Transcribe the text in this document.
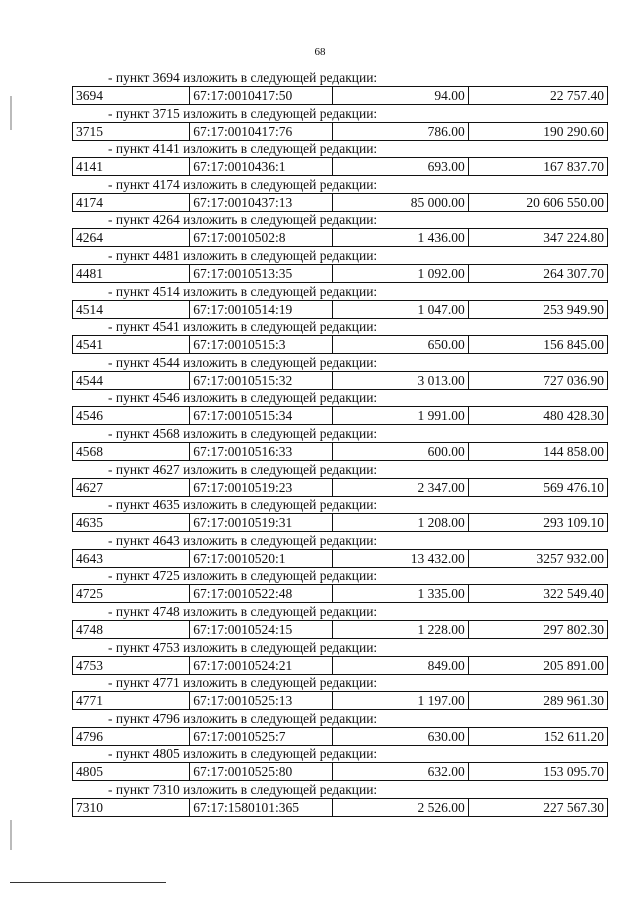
68
- пункт 3694 изложить в следующей редакции:
3694	67:17:0010417:50	94.00	22 757.40
- пункт 3715 изложить в следующей редакции:
3715	67:17:0010417:76	786.00	190 290.60
- пункт 4141 изложить в следующей редакции:
4141	67:17:0010436:1	693.00	167 837.70
- пункт 4174 изложить в следующей редакции:
4174	67:17:0010437:13	85 000.00	20 606 550.00
- пункт 4264 изложить в следующей редакции:
4264	67:17:0010502:8	1 436.00	347 224.80
- пункт 4481 изложить в следующей редакции:
4481	67:17:0010513:35	1 092.00	264 307.70
- пункт 4514 изложить в следующей редакции:
4514	67:17:0010514:19	1 047.00	253 949.90
- пункт 4541 изложить в следующей редакции:
4541	67:17:0010515:3	650.00	156 845.00
- пункт 4544 изложить в следующей редакции:
4544	67:17:0010515:32	3 013.00	727 036.90
- пункт 4546 изложить в следующей редакции:
4546	67:17:0010515:34	1 991.00	480 428.30
- пункт 4568 изложить в следующей редакции:
4568	67:17:0010516:33	600.00	144 858.00
- пункт 4627 изложить в следующей редакции:
4627	67:17:0010519:23	2 347.00	569 476.10
- пункт 4635 изложить в следующей редакции:
4635	67:17:0010519:31	1 208.00	293 109.10
- пункт 4643 изложить в следующей редакции:
4643	67:17:0010520:1	13 432.00	3257 932.00
- пункт 4725 изложить в следующей редакции:
4725	67:17:0010522:48	1 335.00	322 549.40
- пункт 4748 изложить в следующей редакции:
4748	67:17:0010524:15	1 228.00	297 802.30
- пункт 4753 изложить в следующей редакции:
4753	67:17:0010524:21	849.00	205 891.00
- пункт 4771 изложить в следующей редакции:
4771	67:17:0010525:13	1 197.00	289 961.30
- пункт 4796 изложить в следующей редакции:
4796	67:17:0010525:7	630.00	152 611.20
- пункт 4805 изложить в следующей редакции:
4805	67:17:0010525:80	632.00	153 095.70
- пункт 7310 изложить в следующей редакции:
7310	67:17:1580101:365	2 526.00	227 567.30
